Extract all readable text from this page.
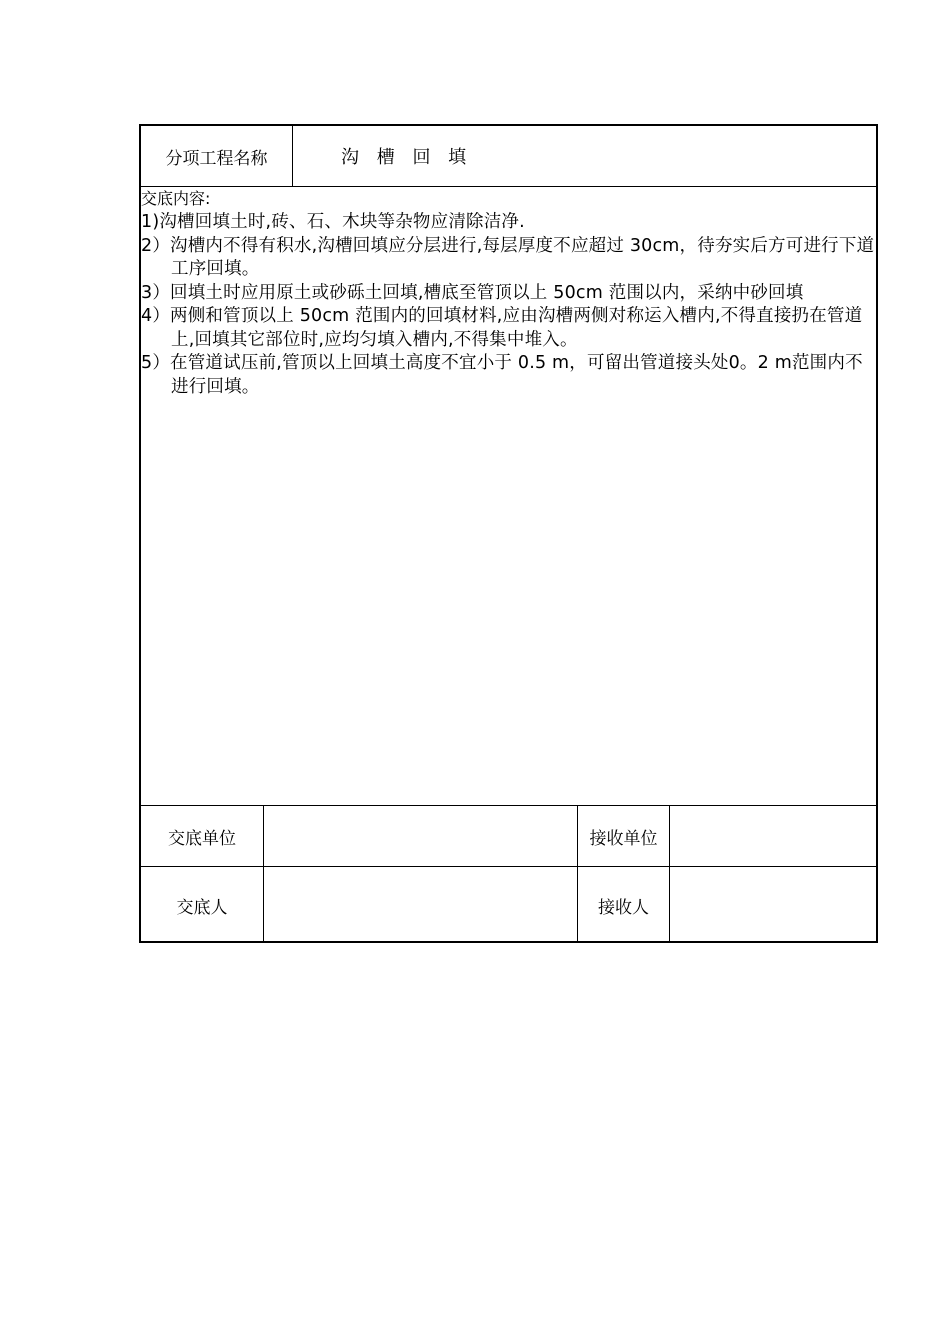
分项工程名称	沟 槽 回 填
交底内容:
1)沟槽回填土时,砖、石、木块等杂物应清除洁净.
2）沟槽内不得有积水,沟槽回填应分层进行,每层厚度不应超过 30cm，待夯实后方可进行下道工序回填。
3）回填土时应用原土或砂砾土回填,槽底至管顶以上 50cm 范围以内，采纳中砂回填
4）两侧和管顶以上 50cm 范围内的回填材料,应由沟槽两侧对称运入槽内,不得直接扔在管道上,回填其它部位时,应均匀填入槽内,不得集中堆入。
5）在管道试压前,管顶以上回填土高度不宜小于 0.5 m，可留出管道接头处0。2 m范围内不进行回填。
交底单位	接收单位
交底人	接收人
